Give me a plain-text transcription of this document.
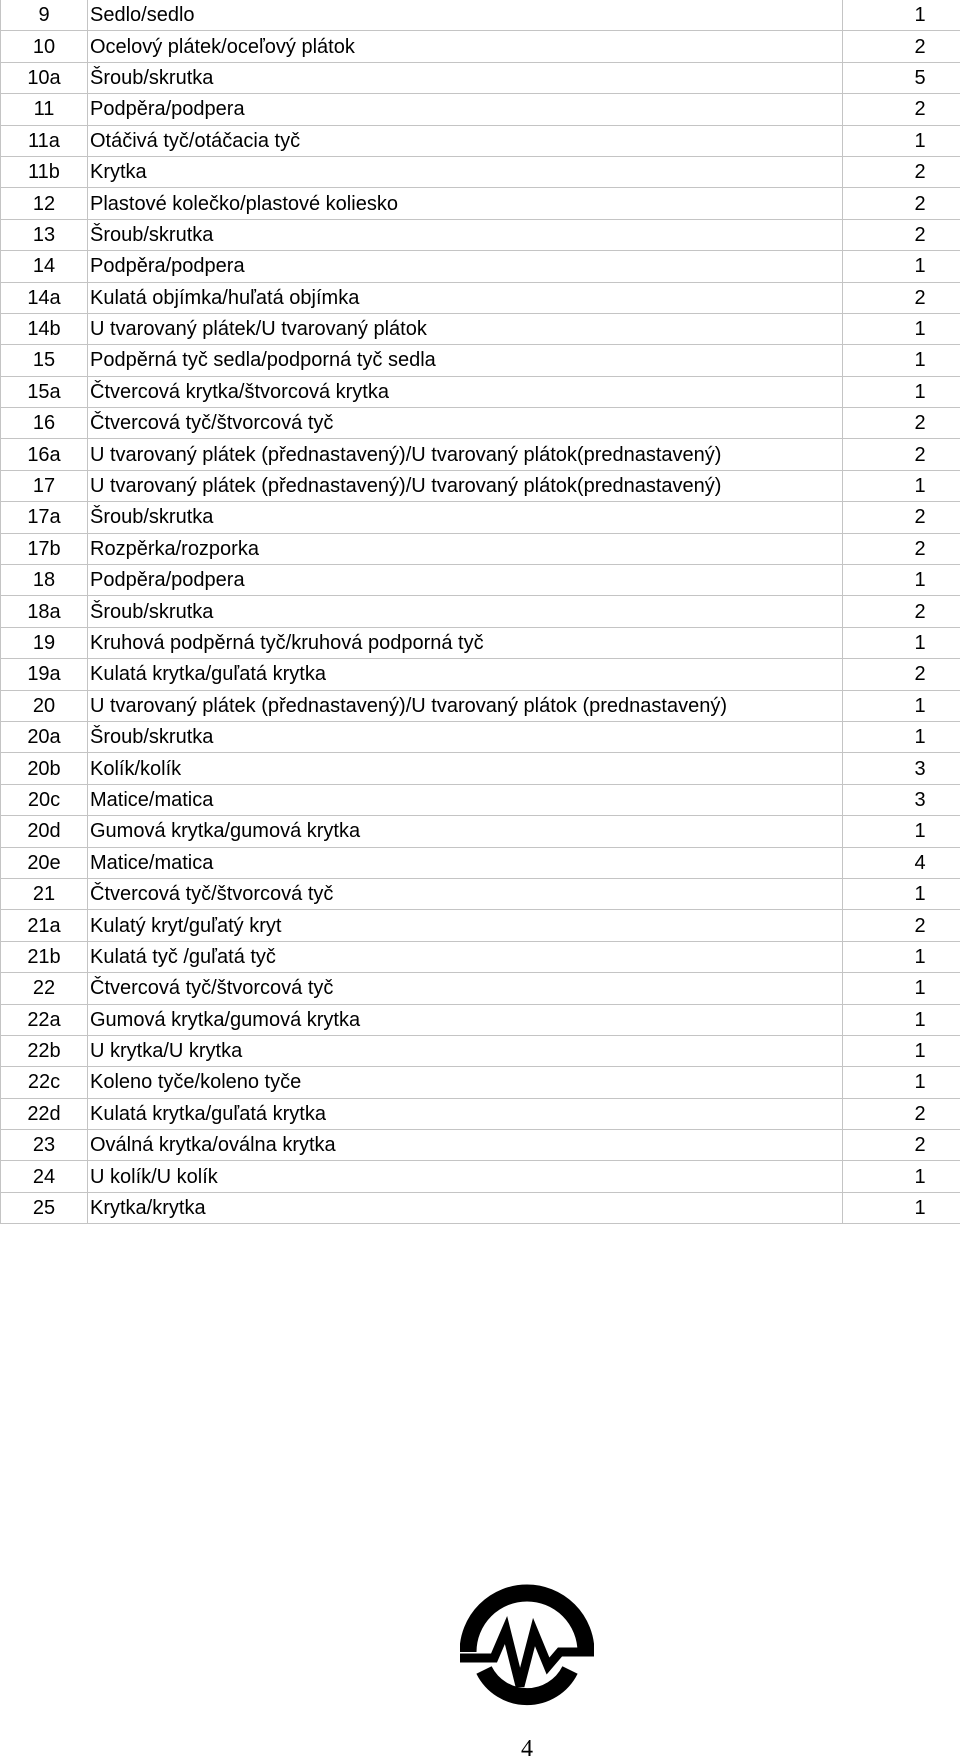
9	Sedlo/sedlo	1
10	Ocelový plátek/oceľový plátok	2
10a	Šroub/skrutka	5
11	Podpěra/podpera	2
11a	Otáčivá tyč/otáčacia tyč	1
11b	Krytka	2
12	Plastové kolečko/plastové koliesko	2
13	Šroub/skrutka	2
14	Podpěra/podpera	1
14a	Kulatá objímka/huľatá objímka	2
14b	U tvarovaný plátek/U tvarovaný plátok	1
15	Podpěrná tyč sedla/podporná tyč sedla	1
15a	Čtvercová krytka/štvorcová krytka	1
16	Čtvercová tyč/štvorcová tyč	2
16a	U tvarovaný plátek (přednastavený)/U tvarovaný plátok(prednastavený)	2
17	U tvarovaný plátek (přednastavený)/U tvarovaný plátok(prednastavený)	1
17a	Šroub/skrutka	2
17b	Rozpěrka/rozporka	2
18	Podpěra/podpera	1
18a	Šroub/skrutka	2
19	Kruhová podpěrná tyč/kruhová podporná tyč	1
19a	Kulatá krytka/guľatá krytka	2
20	U tvarovaný plátek (přednastavený)/U tvarovaný plátok (prednastavený)	1
20a	Šroub/skrutka	1
20b	Kolík/kolík	3
20c	Matice/matica	3
20d	Gumová krytka/gumová krytka	1
20e	Matice/matica	4
21	Čtvercová tyč/štvorcová tyč	1
21a	Kulatý kryt/guľatý kryt	2
21b	Kulatá tyč /guľatá tyč	1
22	Čtvercová tyč/štvorcová tyč	1
22a	Gumová krytka/gumová krytka	1
22b	U krytka/U krytka	1
22c	Koleno tyče/koleno tyče	1
22d	Kulatá krytka/guľatá krytka	2
23	Oválná krytka/oválna krytka	2
24	U kolík/U kolík	1
25	Krytka/krytka	1
4
